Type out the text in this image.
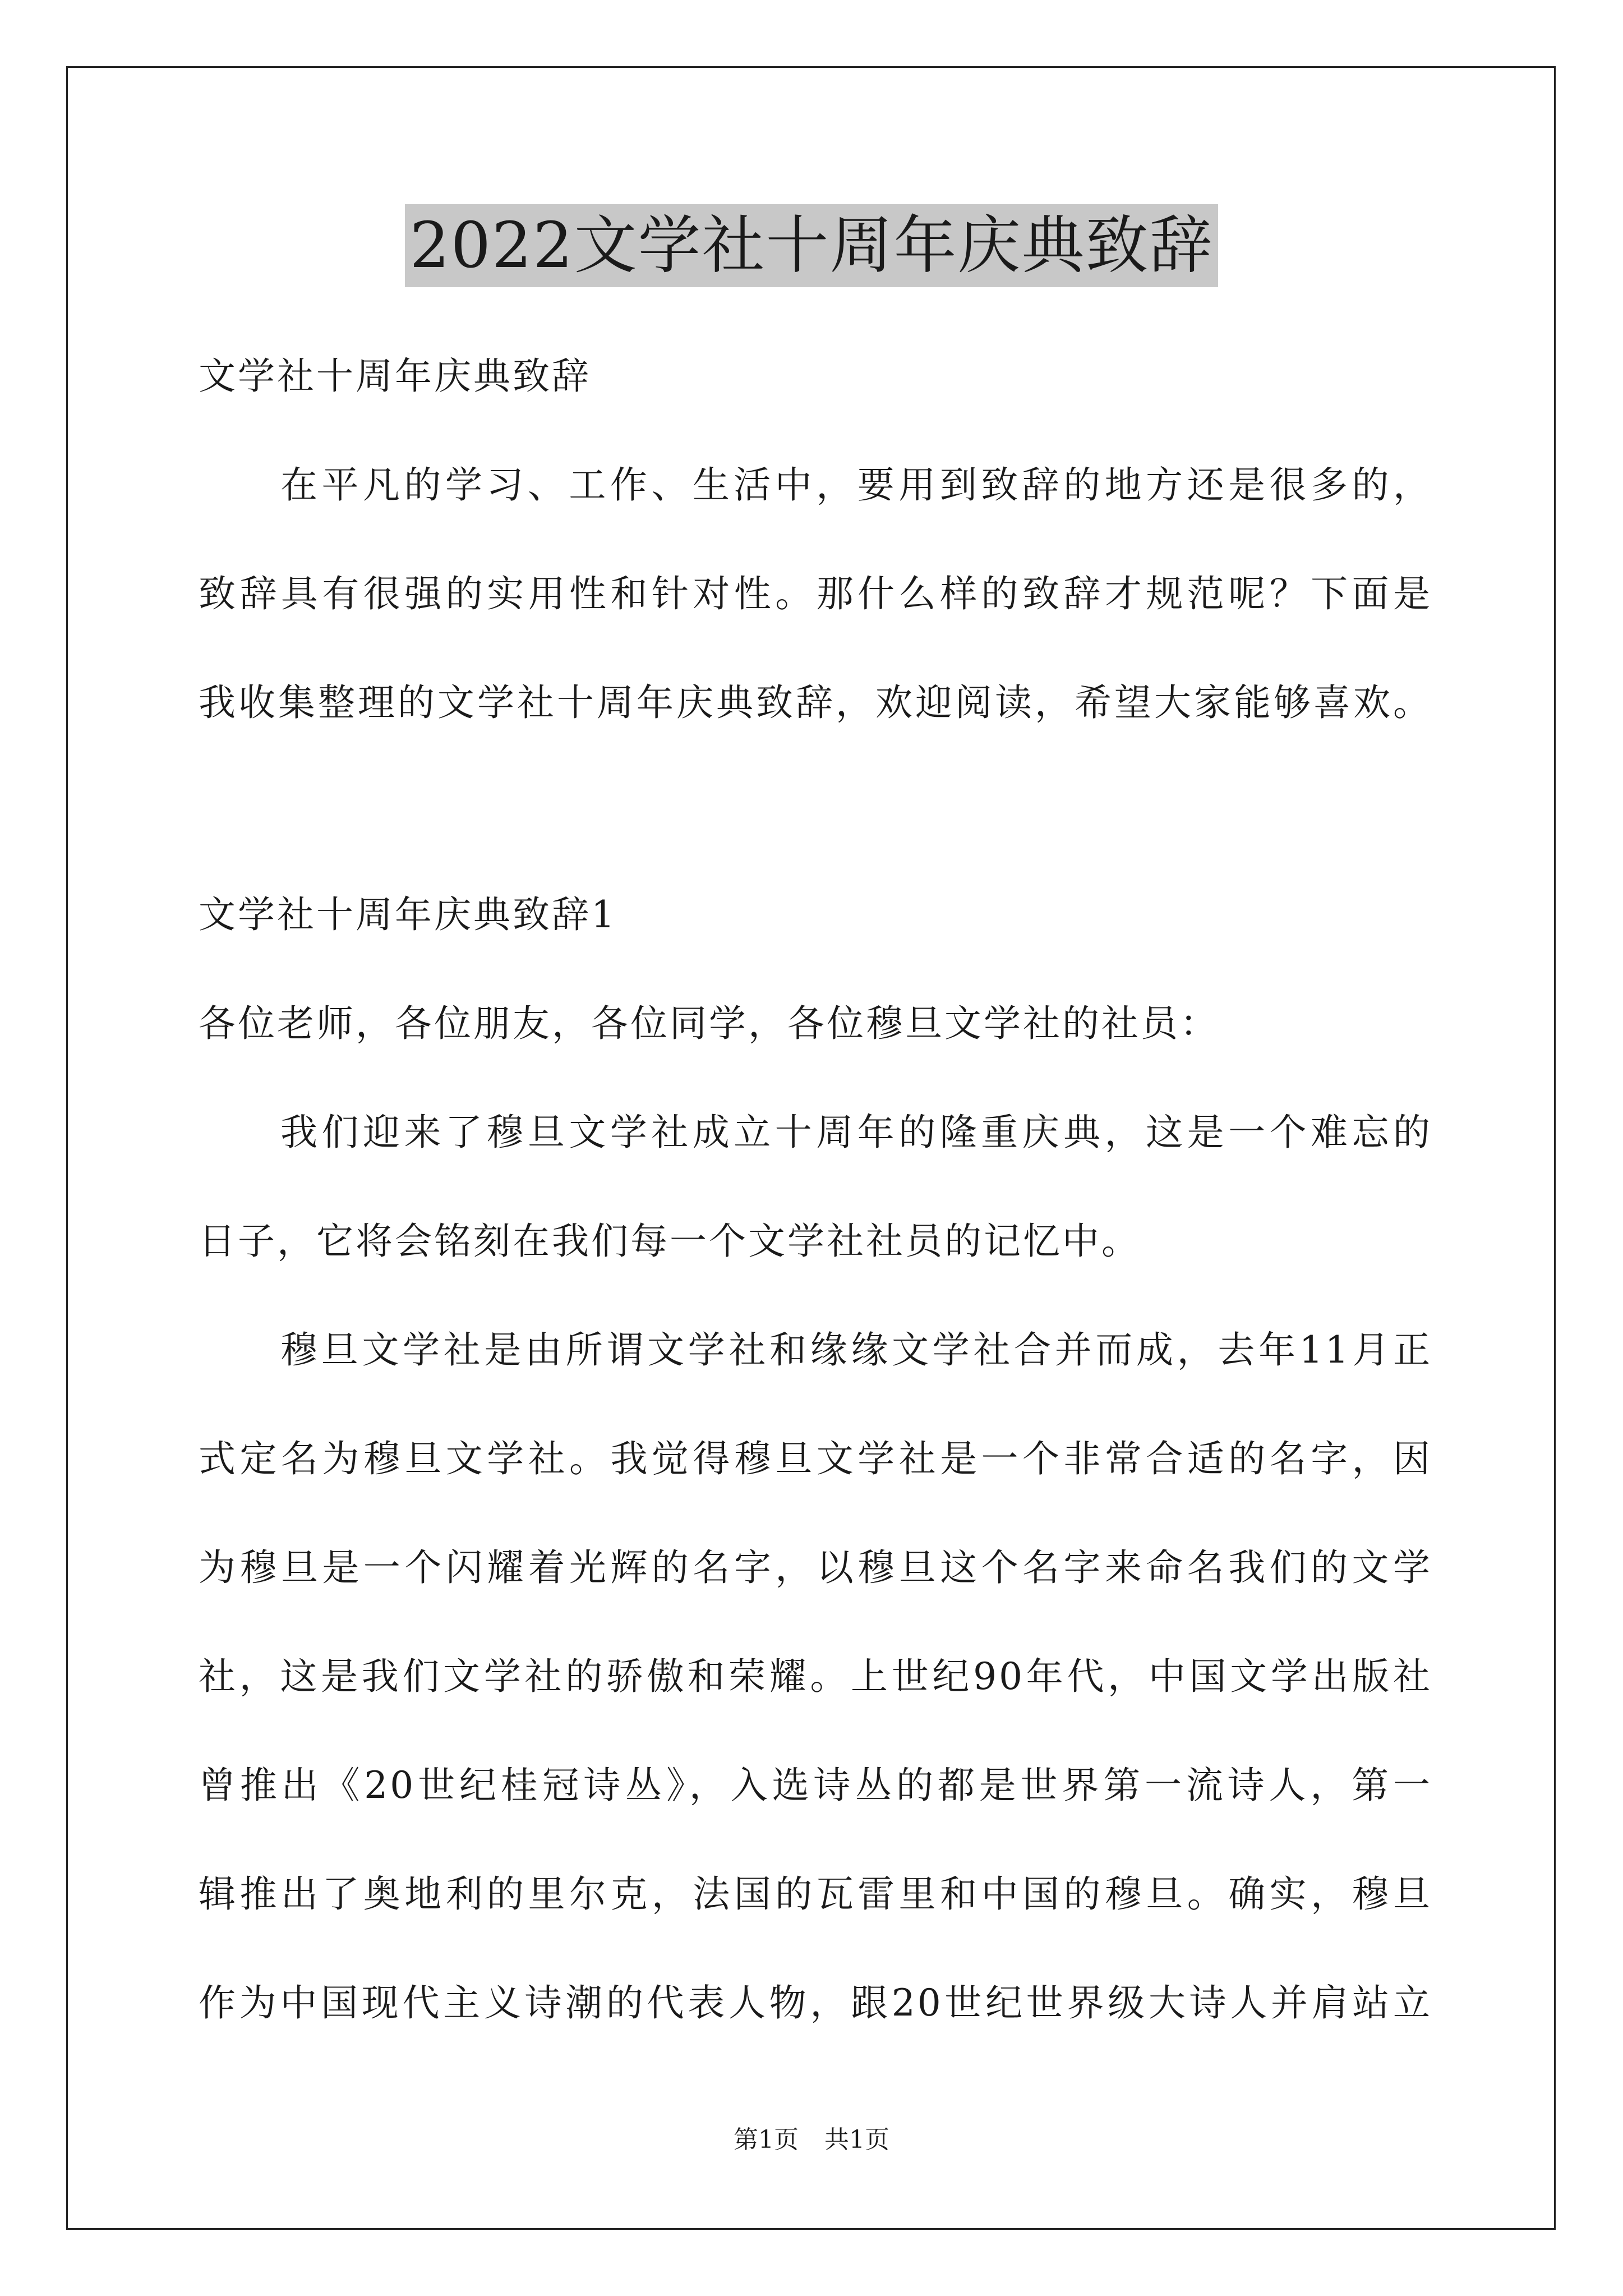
2022文学社十周年庆典致辞
文学社十周年庆典致辞
在平凡的学习、工作、生活中，要用到致辞的地方还是很多的，
致辞具有很强的实用性和针对性。那什么样的致辞才规范呢？下面是
我收集整理的文学社十周年庆典致辞，欢迎阅读，希望大家能够喜欢。
文学社十周年庆典致辞1
各位老师，各位朋友，各位同学，各位穆旦文学社的社员：
我们迎来了穆旦文学社成立十周年的隆重庆典，这是一个难忘的
日子，它将会铭刻在我们每一个文学社社员的记忆中。
穆旦文学社是由所谓文学社和缘缘文学社合并而成，去年11月正
式定名为穆旦文学社。我觉得穆旦文学社是一个非常合适的名字，因
为穆旦是一个闪耀着光辉的名字，以穆旦这个名字来命名我们的文学
社，这是我们文学社的骄傲和荣耀。上世纪90年代，中国文学出版社
曾推出《20世纪桂冠诗丛》，入选诗丛的都是世界第一流诗人，第一
辑推出了奥地利的里尔克，法国的瓦雷里和中国的穆旦。确实，穆旦
作为中国现代主义诗潮的代表人物，跟20世纪世界级大诗人并肩站立
第1页 共1页
